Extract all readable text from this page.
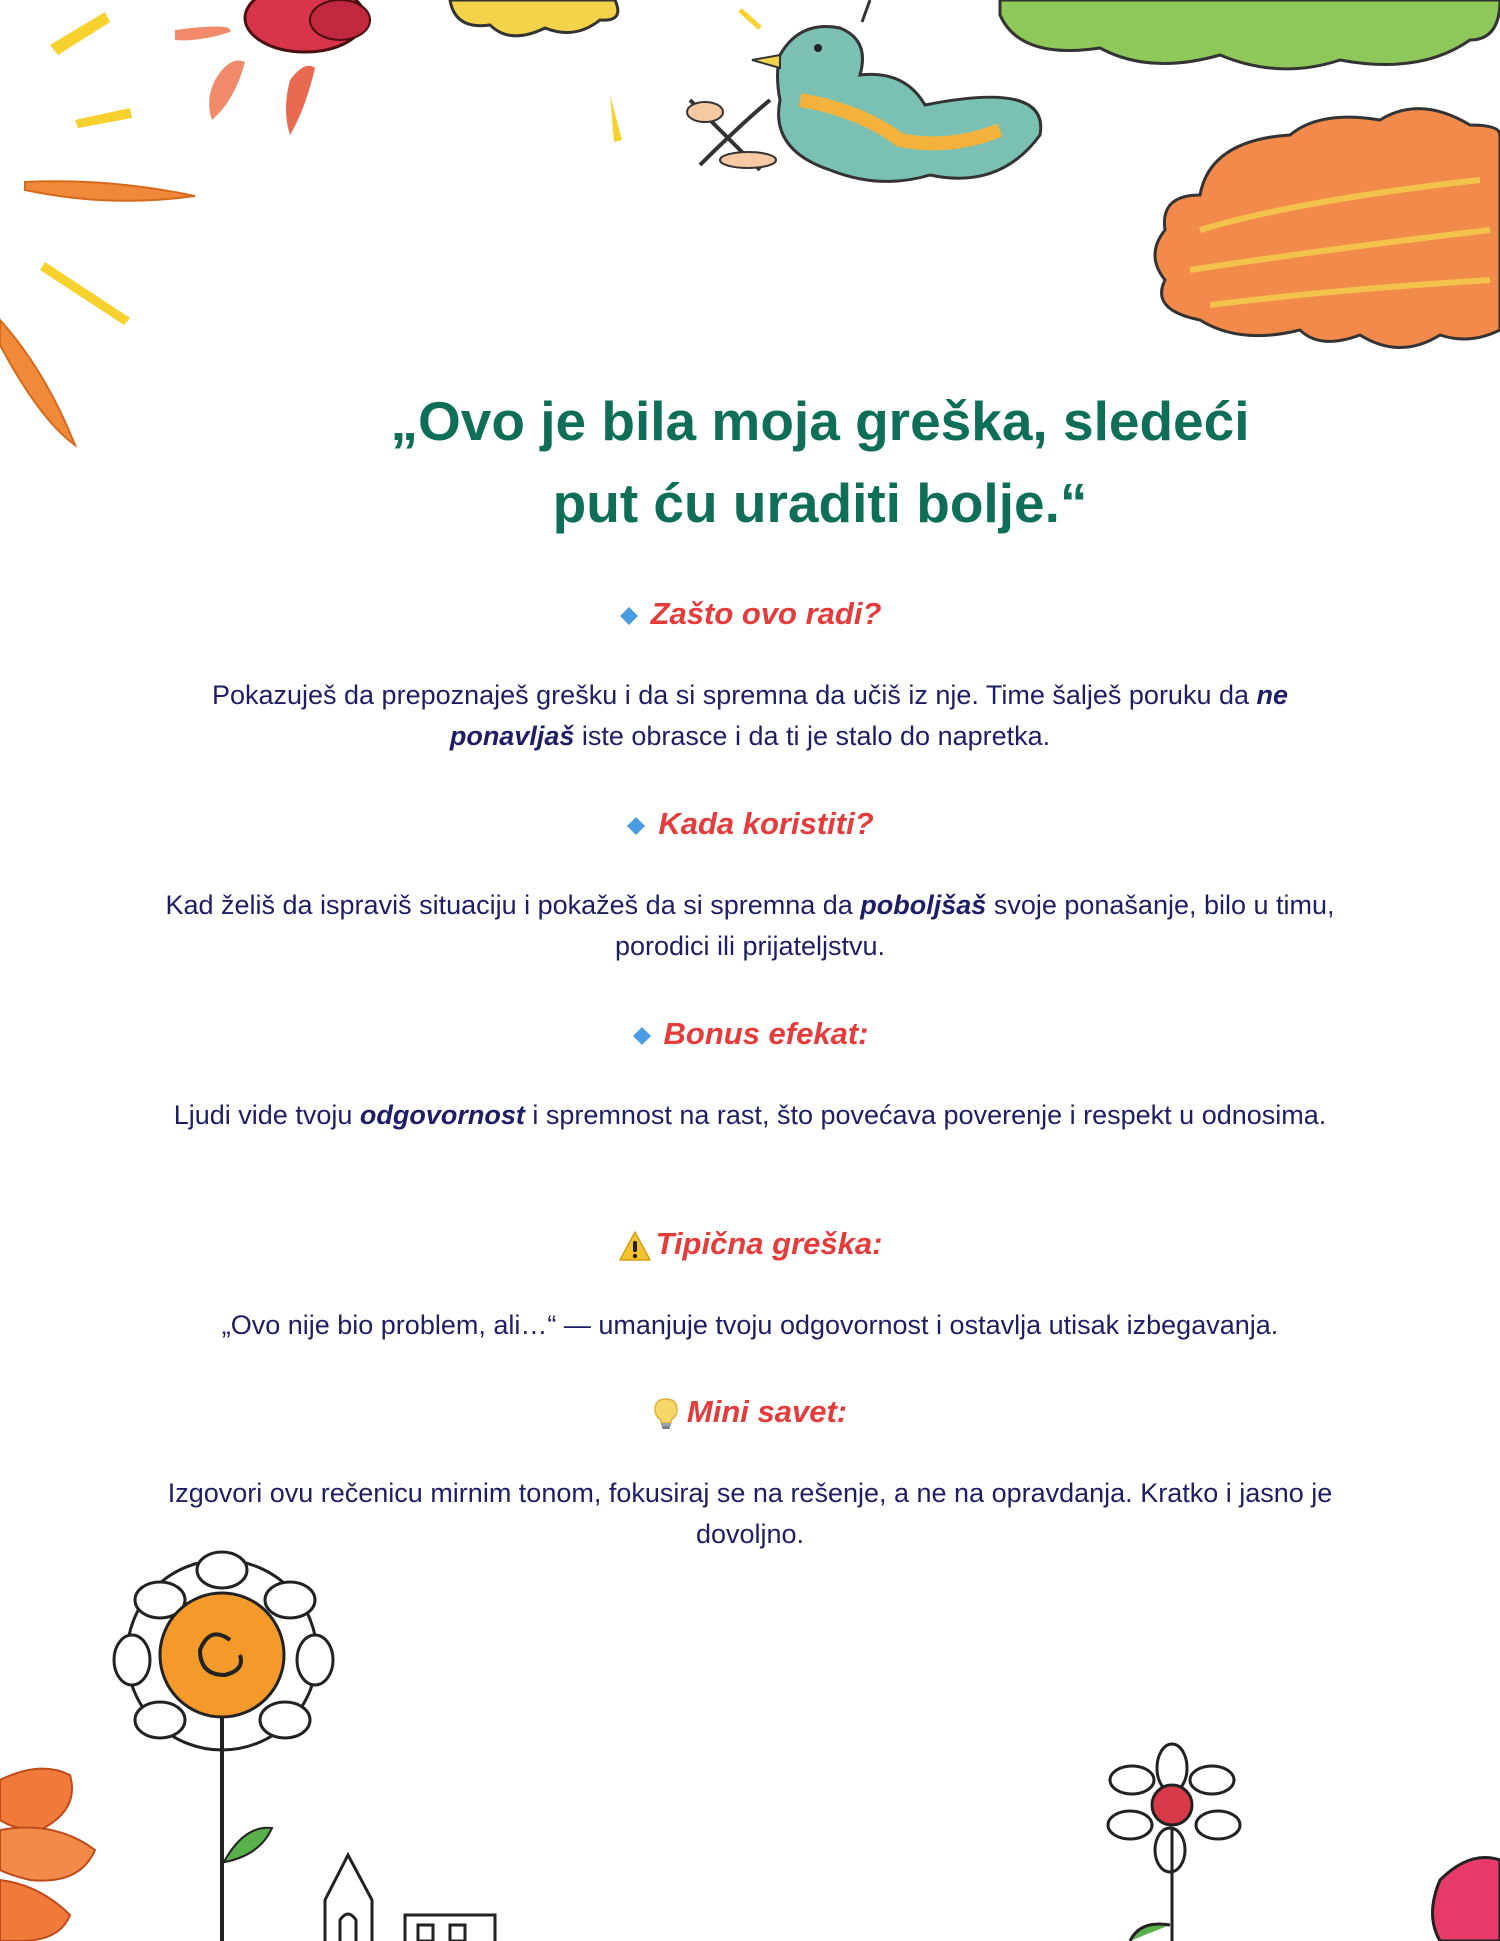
„Ovo je bila moja greška, sledeći put ću uraditi bolje.“
Zašto ovo radi?

Pokazuješ da prepoznaješ grešku i da si spremna da učiš iz nje. Time šalješ poruku da ne ponavljaš iste obrasce i da ti je stalo do napretka.

Kada koristiti?

Kad želiš da ispraviš situaciju i pokažeš da si spremna da poboljšaš svoje ponašanje, bilo u timu, porodici ili prijateljstvu.

Bonus efekat:

Ljudi vide tvoju odgovornost i spremnost na rast, što povećava poverenje i respekt u odnosima.

Tipična greška:

„Ovo nije bio problem, ali…“ — umanjuje tvoju odgovornost i ostavlja utisak izbegavanja.

Mini savet:

Izgovori ovu rečenicu mirnim tonom, fokusiraj se na rešenje, a ne na opravdanja. Kratko i jasno je dovoljno.
